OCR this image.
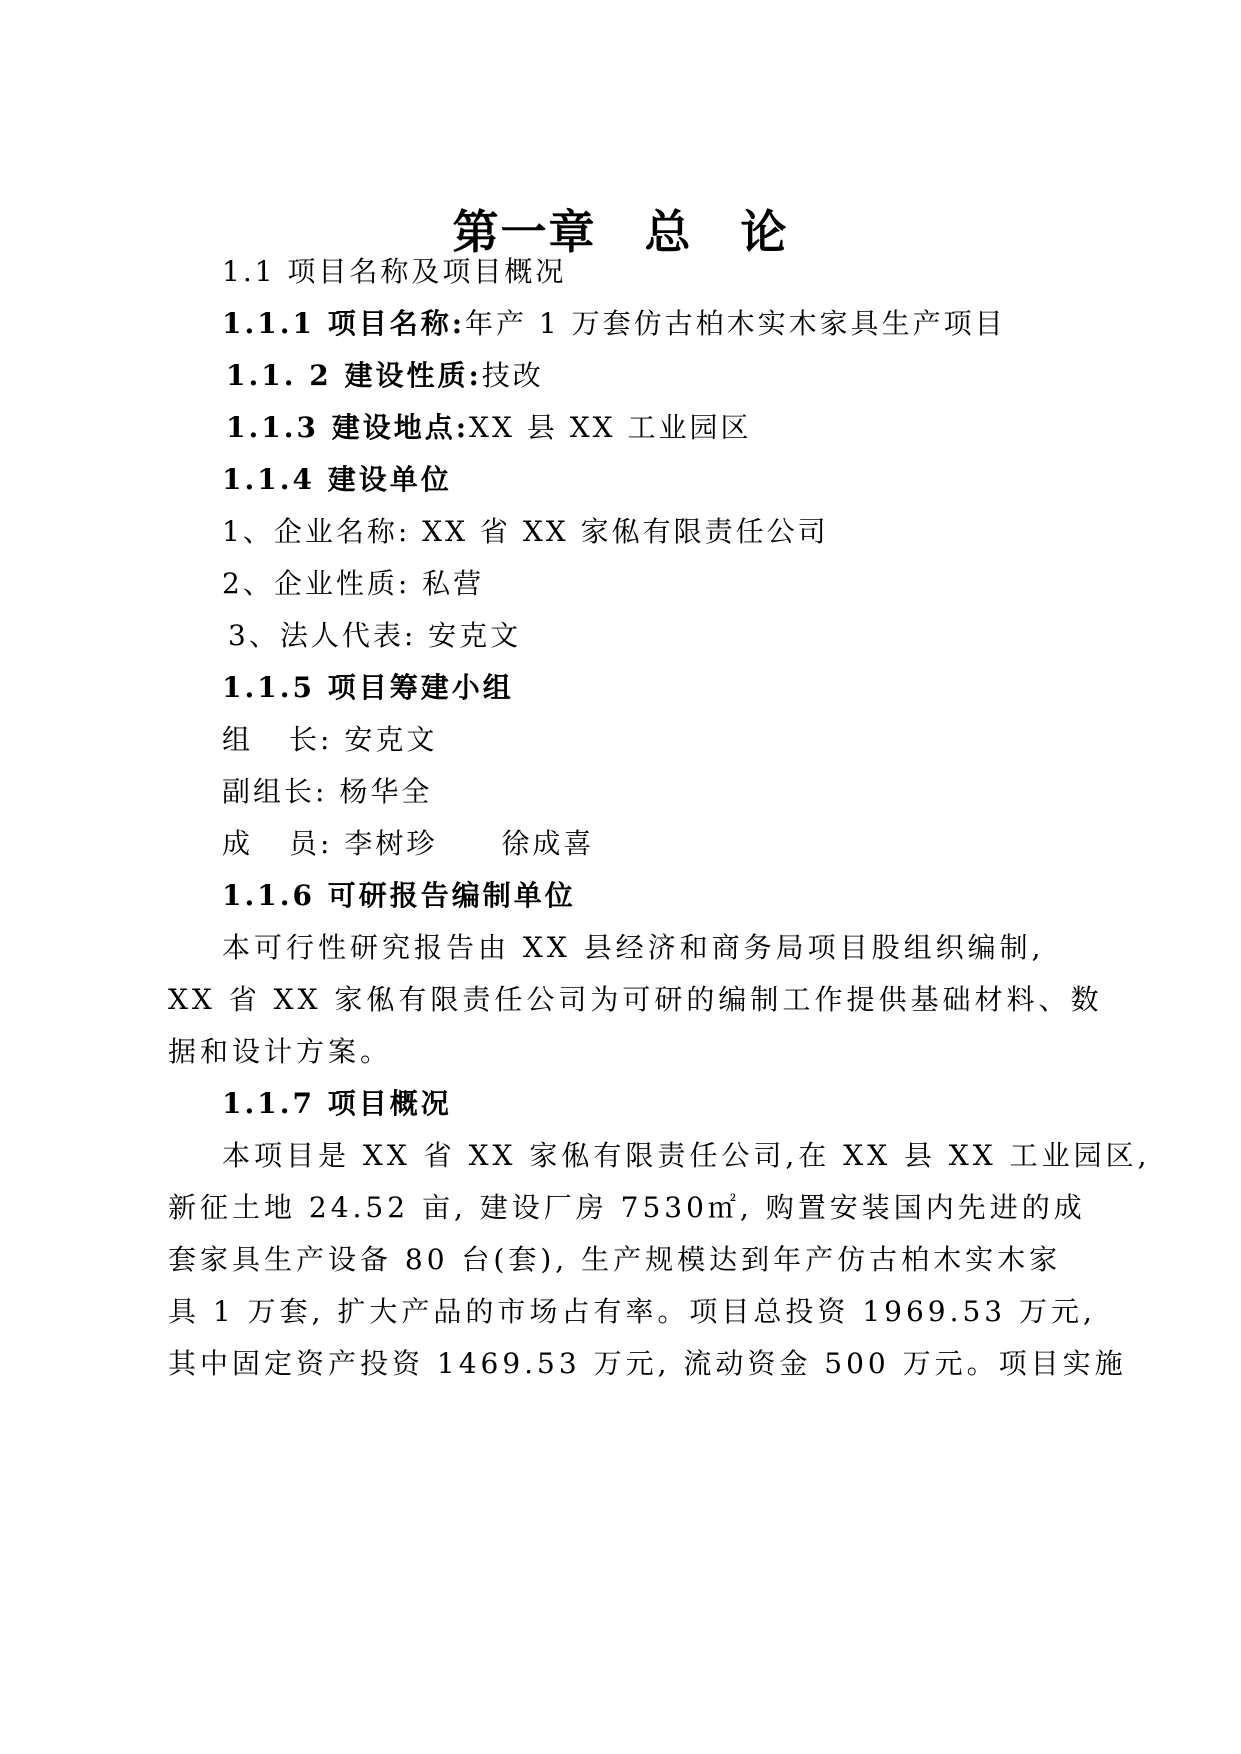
第一章　总　论

1.1 项目名称及项目概况

1.1.1 项目名称:年产 1 万套仿古柏木实木家具生产项目

1.1. 2 建设性质:技改

1.1.3 建设地点:XX 县 XX 工业园区

1.1.4 建设单位

1、企业名称: XX 省 XX 家俬有限责任公司

2、企业性质: 私营

3、法人代表: 安克文

1.1.5 项目筹建小组

组 长: 安克文

副组长: 杨华全

成 员: 李树珍 徐成喜

1.1.6 可研报告编制单位

本可行性研究报告由 XX 县经济和商务局项目股组织编制,

XX 省 XX 家俬有限责任公司为可研的编制工作提供基础材料、数

据和设计方案。

1.1.7 项目概况

本项目是 XX 省 XX 家俬有限责任公司,在 XX 县 XX 工业园区,

新征土地 24.52 亩, 建设厂房 7530㎡, 购置安装国内先进的成

套家具生产设备 80 台(套), 生产规模达到年产仿古柏木实木家

具 1 万套, 扩大产品的市场占有率。项目总投资 1969.53 万元,

其中固定资产投资 1469.53 万元, 流动资金 500 万元。项目实施
